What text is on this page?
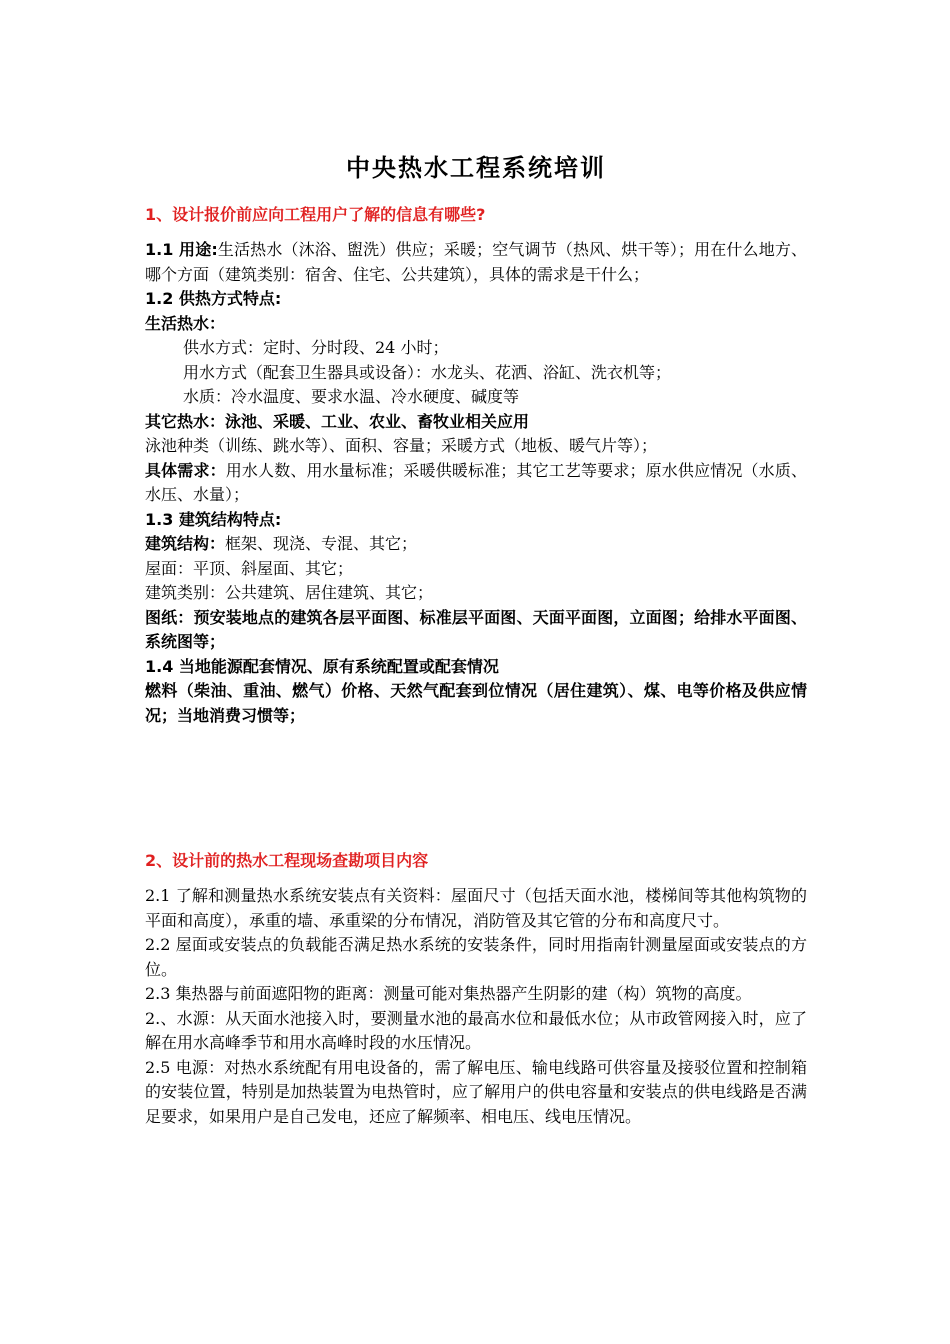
中央热水工程系统培训
1、设计报价前应向工程用户了解的信息有哪些?
1.1 用途:生活热水（沐浴、盥洗）供应；采暖；空气调节（热风、烘干等）；用在什么地方、哪个方面（建筑类别：宿舍、住宅、公共建筑），具体的需求是干什么；
1.2 供热方式特点:
生活热水：
供水方式：定时、分时段、24 小时；
用水方式（配套卫生器具或设备）：水龙头、花洒、浴缸、洗衣机等；
水质：冷水温度、要求水温、冷水硬度、碱度等
其它热水：泳池、采暖、工业、农业、畜牧业相关应用
泳池种类（训练、跳水等）、面积、容量；采暖方式（地板、暖气片等）；
具体需求：用水人数、用水量标准；采暖供暖标准；其它工艺等要求；原水供应情况（水质、水压、水量）；
1.3 建筑结构特点:
建筑结构：框架、现浇、专混、其它；
屋面：平顶、斜屋面、其它；
建筑类别：公共建筑、居住建筑、其它；
图纸：预安装地点的建筑各层平面图、标准层平面图、天面平面图，立面图；给排水平面图、系统图等；
1.4 当地能源配套情况、原有系统配置或配套情况
燃料（柴油、重油、燃气）价格、天然气配套到位情况（居住建筑）、煤、电等价格及供应情况；当地消费习惯等；
2、设计前的热水工程现场查勘项目内容
2.1 了解和测量热水系统安装点有关资料：屋面尺寸（包括天面水池，楼梯间等其他构筑物的平面和高度），承重的墙、承重梁的分布情况，消防管及其它管的分布和高度尺寸。
2.2 屋面或安装点的负载能否满足热水系统的安装条件，同时用指南针测量屋面或安装点的方位。
2.3 集热器与前面遮阳物的距离：测量可能对集热器产生阴影的建（构）筑物的高度。
2.、水源：从天面水池接入时，要测量水池的最高水位和最低水位；从市政管网接入时，应了解在用水高峰季节和用水高峰时段的水压情况。
2.5 电源：对热水系统配有用电设备的，需了解电压、输电线路可供容量及接驳位置和控制箱的安装位置，特别是加热装置为电热管时，应了解用户的供电容量和安装点的供电线路是否满足要求，如果用户是自己发电，还应了解频率、相电压、线电压情况。
